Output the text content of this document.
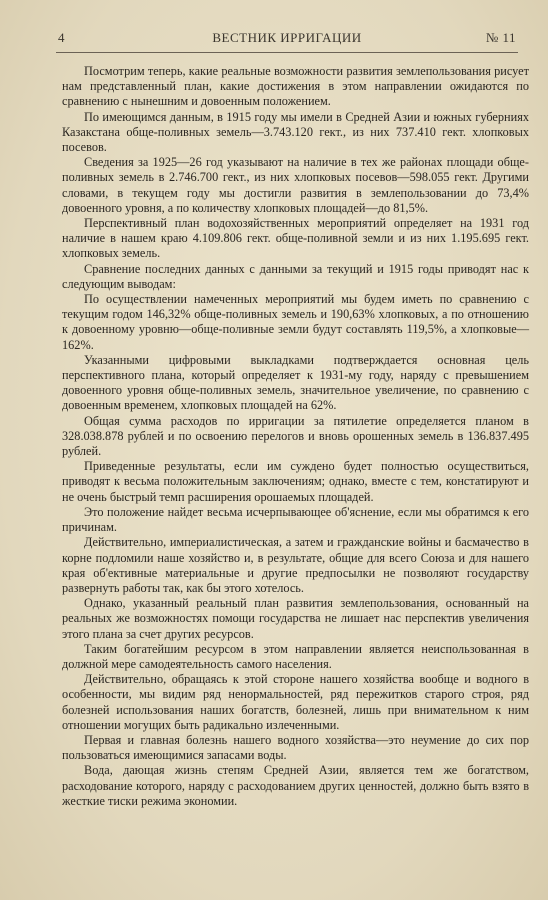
4	ВЕСТНИК ИРРИГАЦИИ	№ 11

Посмотрим теперь, какие реальные возможности развития землепользования рисует нам представленный план, какие достижения в этом направлении ожидаются по сравнению с нынешним и довоенным положением.

По имеющимся данным, в 1915 году мы имели в Средней Азии и южных губерниях Казакстана обще-поливных земель—3.743.120 гект., из них 737.410 гект. хлопковых посевов.

Сведения за 1925—26 год указывают на наличие в тех же районах площади обще-поливных земель в 2.746.700 гект., из них хлопковых посевов—598.055 гект. Другими словами, в текущем году мы достигли развития в землепользовании до 73,4% довоенного уровня, а по количеству хлопковых площадей—до 81,5%.

Перспективный план водохозяйственных мероприятий определяет на 1931 год наличие в нашем краю 4.109.806 гект. обще-поливной земли и из них 1.195.695 гект. хлопковых земель.

Сравнение последних данных с данными за текущий и 1915 годы приводят нас к следующим выводам:

По осуществлении намеченных мероприятий мы будем иметь по сравнению с текущим годом 146,32% обще-поливных земель и 190,63% хлопковых, а по отношению к довоенному уровню—обще-поливные земли будут составлять 119,5%, а хлопковые—162%.

Указанными цифровыми выкладками подтверждается основная цель перспективного плана, который определяет к 1931-му году, наряду с превышением довоенного уровня обще-поливных земель, значительное увеличение, по сравнению с довоенным временем, хлопковых площадей на 62%.

Общая сумма расходов по ирригации за пятилетие определяется планом в 328.038.878 рублей и по освоению перелогов и вновь орошенных земель в 136.837.495 рублей.

Приведенные результаты, если им суждено будет полностью осуществиться, приводят к весьма положительным заключениям; однако, вместе с тем, констатируют и не очень быстрый темп расширения орошаемых площадей.

Это положение найдет весьма исчерпывающее об'яснение, если мы обратимся к его причинам.

Действительно, империалистическая, а затем и гражданские войны и басмачество в корне подломили наше хозяйство и, в результате, общие для всего Союза и для нашего края об'ективные материальные и другие предпосылки не позволяют государству развернуть работы так, как бы этого хотелось.

Однако, указанный реальный план развития землепользования, основанный на реальных же возможностях помощи государства не лишает нас перспектив увеличения этого плана за счет других ресурсов.

Таким богатейшим ресурсом в этом направлении является неиспользованная в должной мере самодеятельность самого населения.

Действительно, обращаясь к этой стороне нашего хозяйства вообще и водного в особенности, мы видим ряд ненормальностей, ряд пережитков старого строя, ряд болезней использования наших богатств, болезней, лишь при внимательном к ним отношении могущих быть радикально излеченными.

Первая и главная болезнь нашего водного хозяйства—это неумение до сих пор пользоваться имеющимися запасами воды.

Вода, дающая жизнь степям Средней Азии, является тем же богатством, расходование которого, наряду с расходованием других ценностей, должно быть взято в жесткие тиски режима экономии.
